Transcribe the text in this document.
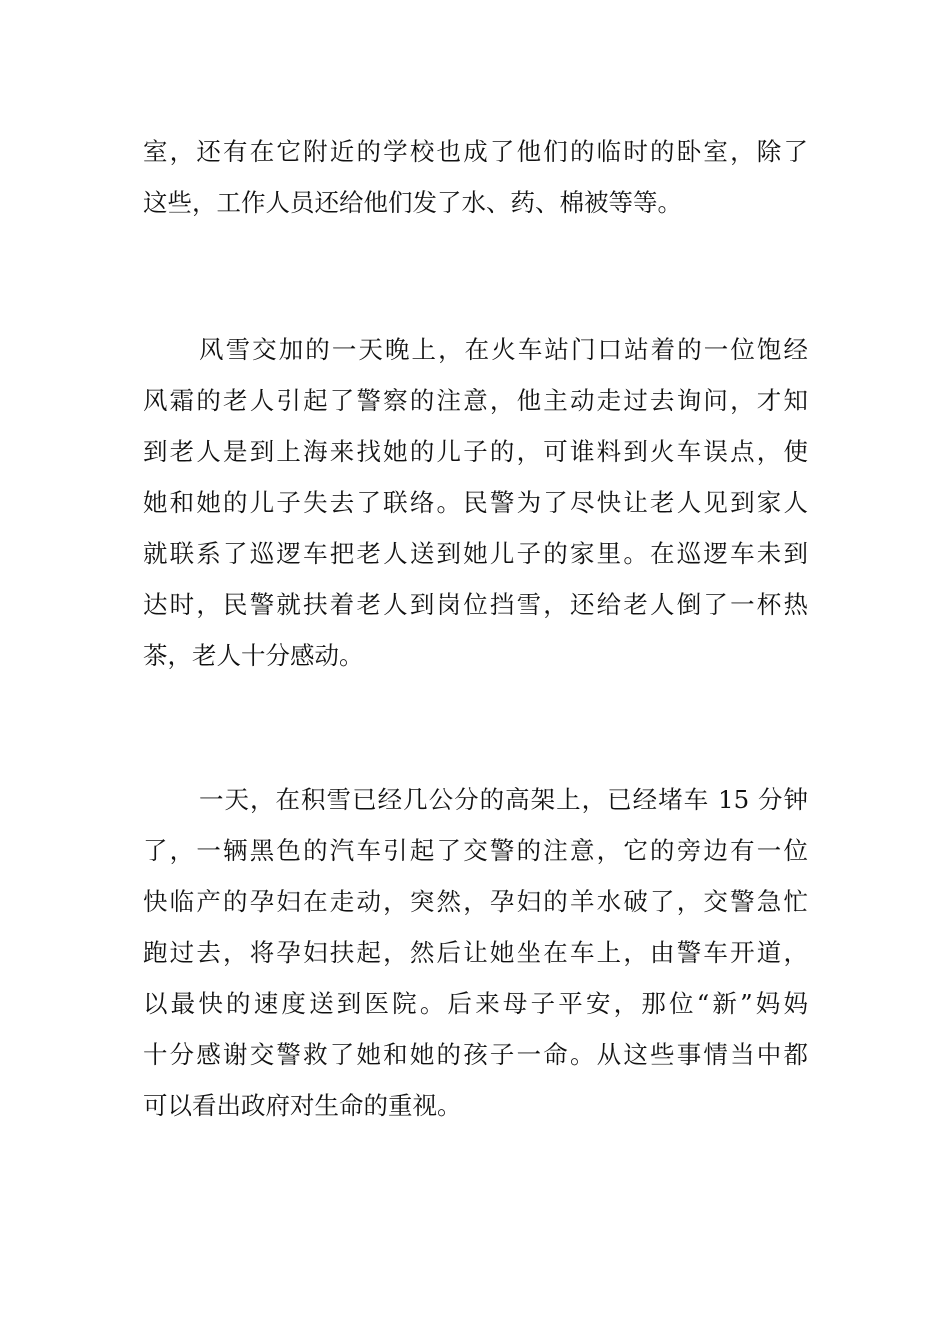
室，还有在它附近的学校也成了他们的临时的卧室，除了
这些，工作人员还给他们发了水、药、棉被等等。
风雪交加的一天晚上，在火车站门口站着的一位饱经
风霜的老人引起了警察的注意，他主动走过去询问，才知
到老人是到上海来找她的儿子的，可谁料到火车误点，使
她和她的儿子失去了联络。民警为了尽快让老人见到家人
就联系了巡逻车把老人送到她儿子的家里。在巡逻车未到
达时，民警就扶着老人到岗位挡雪，还给老人倒了一杯热
茶，老人十分感动。
一天，在积雪已经几公分的高架上，已经堵车 15 分钟
了，一辆黑色的汽车引起了交警的注意，它的旁边有一位
快临产的孕妇在走动，突然，孕妇的羊水破了，交警急忙
跑过去，将孕妇扶起，然后让她坐在车上，由警车开道，
以最快的速度送到医院。后来母子平安，那位“新”妈妈
十分感谢交警救了她和她的孩子一命。从这些事情当中都
可以看出政府对生命的重视。
